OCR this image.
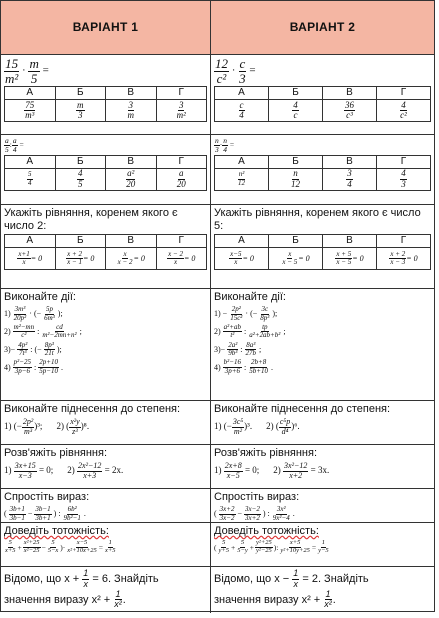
ВАРІАНТ 1	ВАРІАНТ 2
$\frac{15}{\text{m²}} \cdot \frac{m}{5}$ =
А	Б	В	Г

$\frac{75}{\text{m³}}$	$\frac{m}{3}$	$\frac{3}{m}$	$\frac{3}{\text{m²}}$
$\frac{12}{\text{c²}} \cdot \frac{c}{3}$ =
А	Б	В	Г

$\frac{c}{4}$	$\frac{4}{c}$	$\frac{36}{\text{c³}}$	$\frac{4}{\text{c²}}$
$\frac{a}{5}$ : $\frac{a}{4}$ =
А	Б	В	Г

$\frac{5}{4}$	$\frac{4}{5}$	$\frac{\text{a²}}{20}$	$\frac{a}{20}$
$\frac{n}{3} \cdot \frac{n}{4}$ =
А	Б	В	Г

$\frac{\text{n²}}{12}$	$\frac{n}{12}$	$\frac{3}{4}$	$\frac{4}{3}$
Укажіть рівняння, коренем якого є число 2:
А	Б	В	Г

$\frac{x+1}{x} = 0$	$\frac{x + 2}{x - 1} = 0$	$\frac{x}{x - 2} = 0$	$\frac{x - 2}{x} = 0$
Укажіть рівняння, коренем якого є число 5:
А	Б	В	Г

$\frac{x-5}{x} = 0$	$\frac{x}{x - 5} = 0$	$\frac{x + 5}{x - 5} = 0$	$\frac{x + 2}{x - 3} = 0$
Виконайте дії:
$1) \frac{\text{3m³}}{\text{20p²}}$ · (− $\frac{5p}{\text{6m³}}$ );
$2) \frac{\text{m²−mn}}{\text{c²}}$ : $\frac{cd}{\text{m²−2mn+n²}}$ ;
$3)- \frac{\text{4p²}}{\text{7t³}}$ : (− $\frac{\text{8p³}}{21t}$ );
$4) \frac{\text{p²−25}}{3p-6}$ : $\frac{2p+10}{5p-10}$ .
Виконайте дії:
$1) - \frac{\text{2p²}}{\text{15c²}}$ · (− $\frac{3c}{\text{8p³}}$ );
$2) \frac{\text{a²+ab}}{\text{t²}}$ : $\frac{tp}{\text{a²+2ab+b²}}$ ;
$3)- \frac{\text{2a²}}{\text{9b³}}$ : $\frac{\text{8a³}}{27b}$ ;
$4) \frac{\text{b²−16}}{3p+6}$ : $\frac{2b+8}{5b+10}$ .
Виконайте піднесення до степеня:
1) (− $\frac{\text{2p²}}{\text{m³}} )^3$; 2) ( $\frac{\text{x²y}}{\text{z³}} )^8$.
Виконайте піднесення до степеня:
1) (− $\frac{\text{3c⁵}}{\text{m²}} )^3$. 2) ( $\frac{\text{c⁵p}}{\text{d⁴}} )^6$.
Розв'яжіть рівняння:
$1) \frac{3x+15}{x-3} = 0$; $2) \frac{\text{2x²−12}}{x+3} = 2x$.
Розв'яжіть рівняння:
$1) \frac{2x+8}{x-5} = 0$; $2) \frac{\text{3x²−12}}{x+2} = 3x$.
Спростіть вираз:
( $\frac{3b+1}{3b-1} - \frac{3b-1}{3b+1}$ ) : $\frac{\text{6b²}}{\text{9b²−1}}$ .
Спростіть вираз:
( $\frac{3x+2}{3x-2} - \frac{3x-2}{3x+2}$ ) : $\frac{\text{3x²}}{\text{9x²−4}}$ .
Доведіть тотожність:
$\frac{5}{x+5} + \frac{\text{x²+25}}{\text{x²−25}} - \frac{5}{5-x}$ )· $\frac{x-5}{\text{x²+10x+25}} = \frac{1}{x+5}$
Доведіть тотожність:
( $\frac{5}{y+5} + \frac{5}{5-y} + \frac{\text{y²+25}}{\text{y²−25}}$ ): $\frac{x+5}{\text{y²+10y+25}} = \frac{1}{y-5}$
Відомо, що $x + \frac{1}{x} = 6$. Знайдіть
значення виразу $x^2 + \frac{1}{\text{x²}}$ .
Відомо, що $x - \frac{1}{x} = 2$. Знайдіть
значення виразу $x^2 + \frac{1}{\text{x²}}$ .
